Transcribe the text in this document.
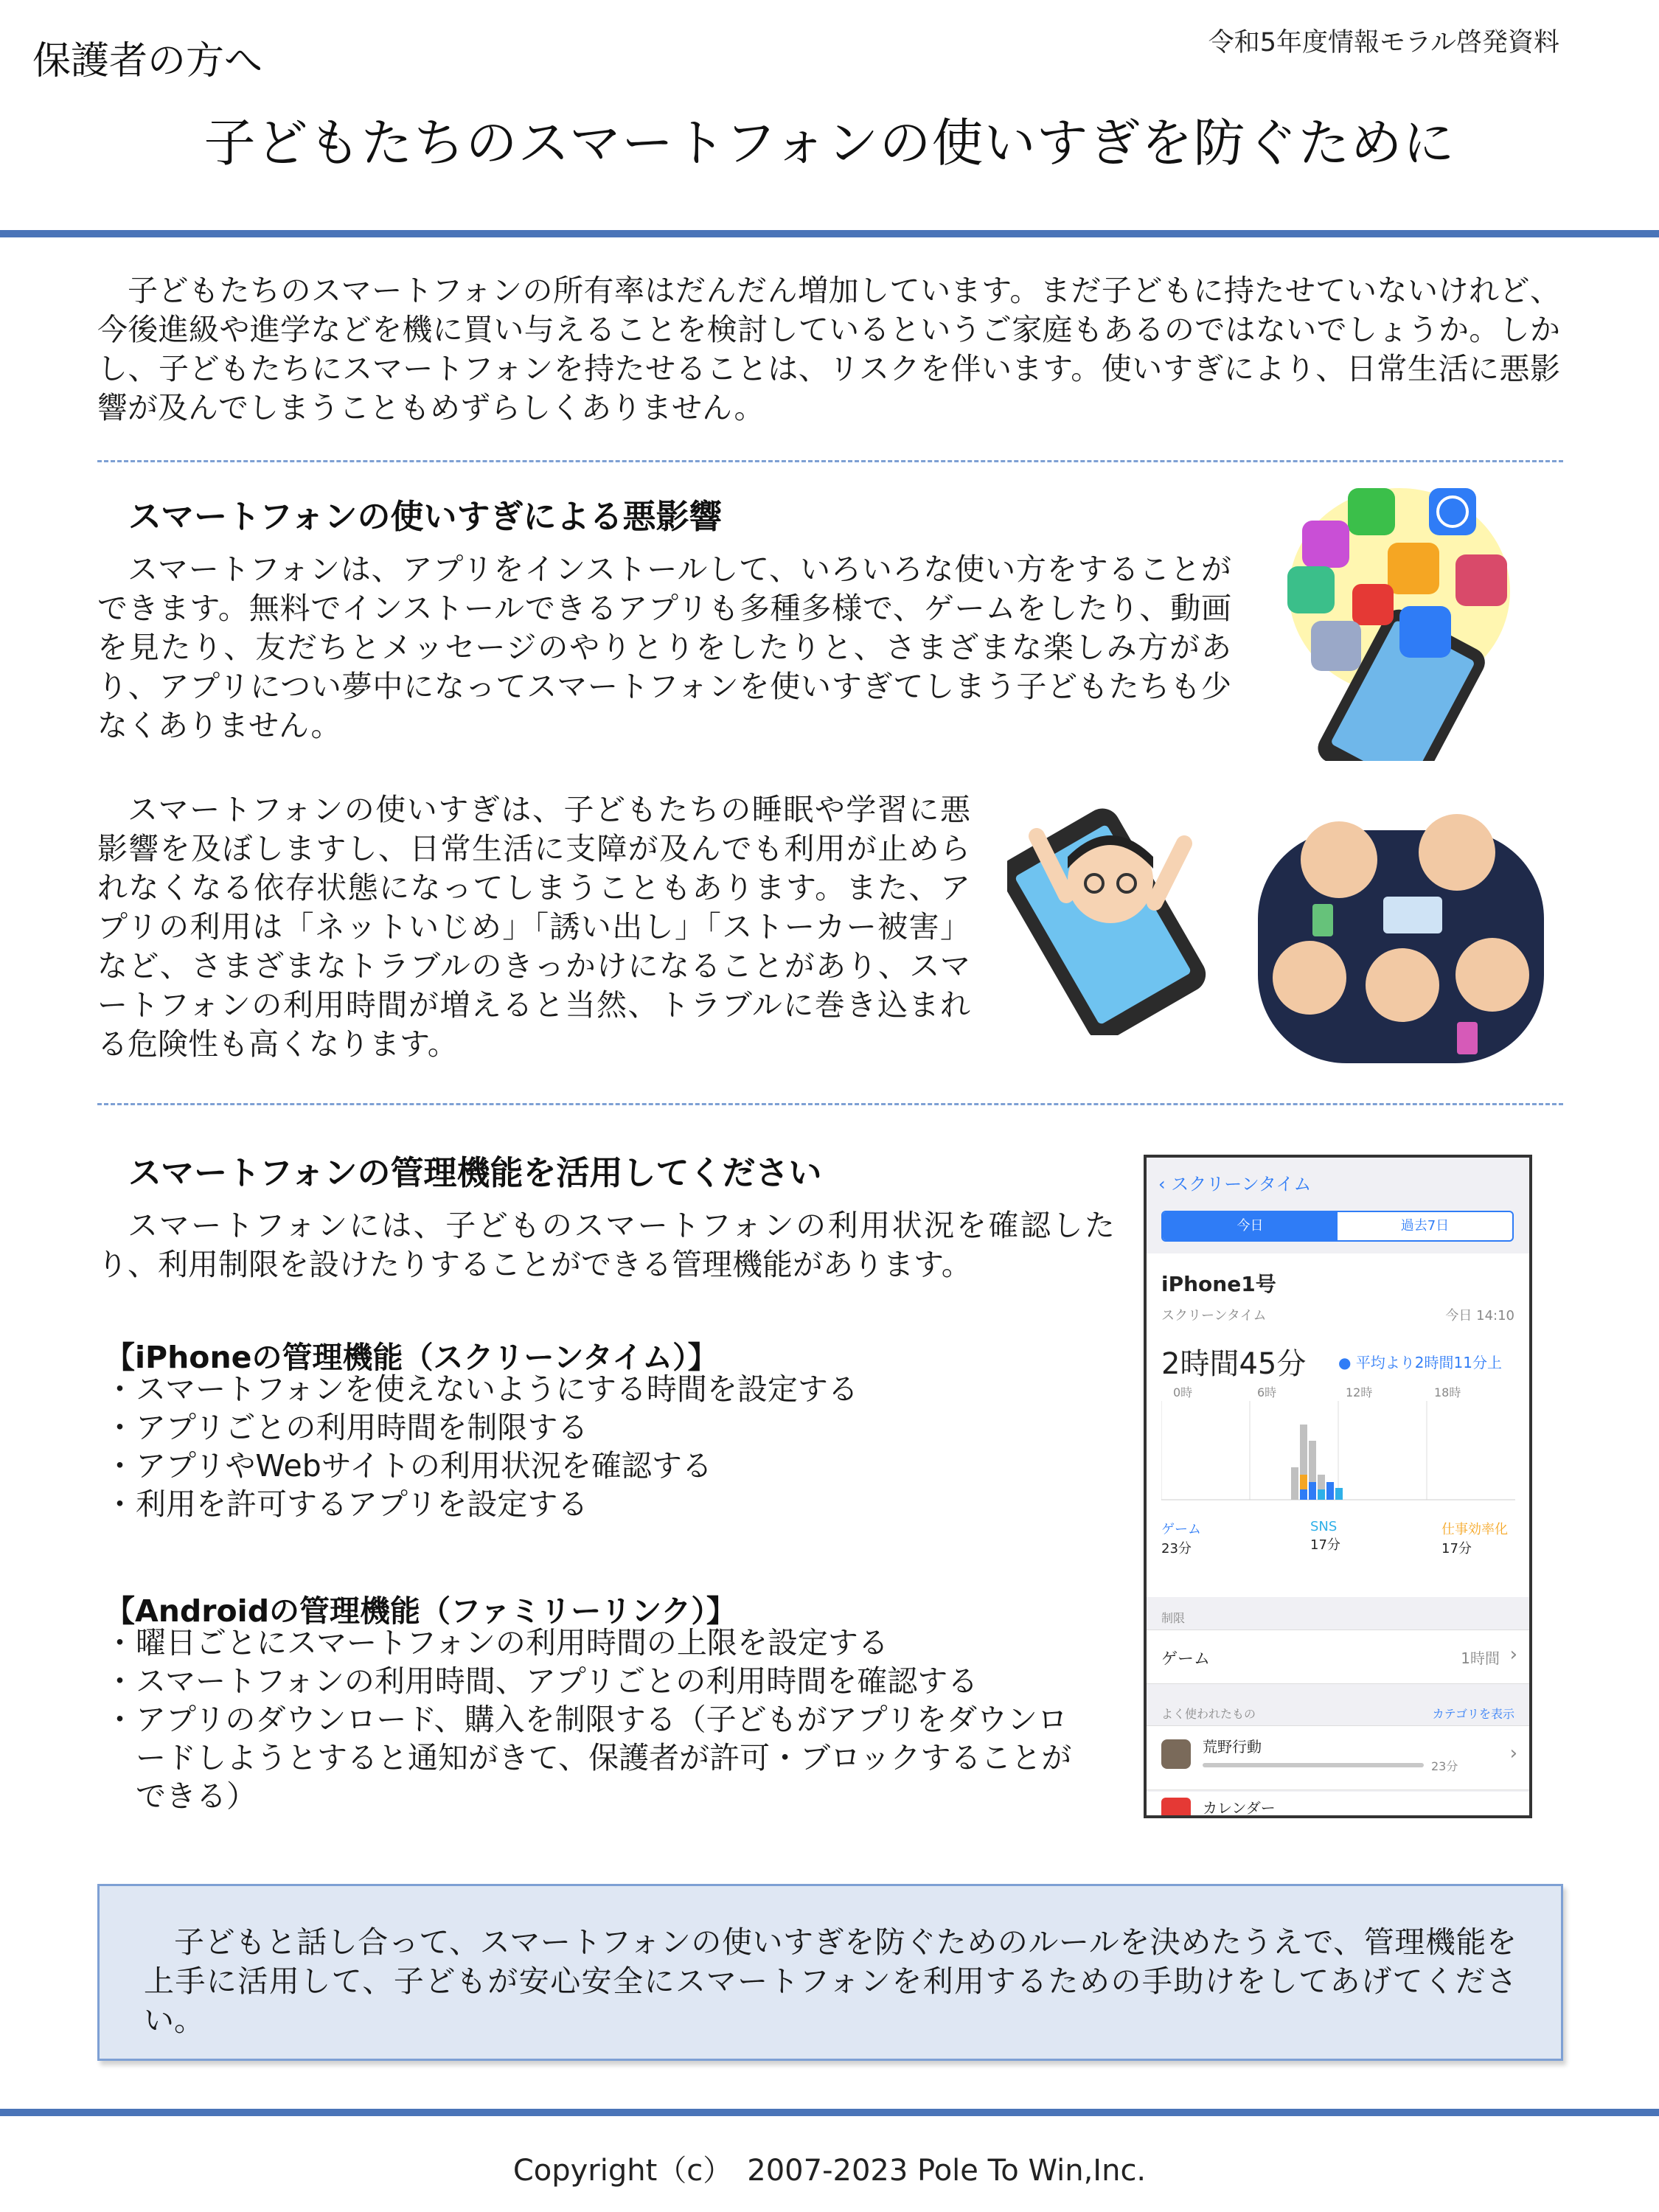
保護者の方へ	令和5年度情報モラル啓発資料
子どもたちのスマートフォンの使いすぎを防ぐために

子どもたちのスマートフォンの所有率はだんだん増加しています。まだ子どもに持たせていないけれど、今後進級や進学などを機に買い与えることを検討しているというご家庭もあるのではないでしょうか。しかし、子どもたちにスマートフォンを持たせることは、リスクを伴います。使いすぎにより、日常生活に悪影響が及んでしまうこともめずらしくありません。

スマートフォンの使いすぎによる悪影響

スマートフォンは、アプリをインストールして、いろいろな使い方をすることができます。無料でインストールできるアプリも多種多様で、ゲームをしたり、動画を見たり、友だちとメッセージのやりとりをしたりと、さまざまな楽しみ方があり、アプリについ夢中になってスマートフォンを使いすぎてしまう子どもたちも少なくありません。

スマートフォンの使いすぎは、子どもたちの睡眠や学習に悪影響を及ぼしますし、日常生活に支障が及んでも利用が止められなくなる依存状態になってしまうこともあります。また、アプリの利用は「ネットいじめ」「誘い出し」「ストーカー被害」など、さまざまなトラブルのきっかけになることがあり、スマートフォンの利用時間が増えると当然、トラブルに巻き込まれる危険性も高くなります。

スマートフォンの管理機能を活用してください

スマートフォンには、子どものスマートフォンの利用状況を確認したり、利用制限を設けたりすることができる管理機能があります。

【iPhoneの管理機能（スクリーンタイム）】
・ スマートフォンを使えないようにする時間を設定する
・ アプリごとの利用時間を制限する
・ アプリやWebサイトの利用状況を確認する
・ 利用を許可するアプリを設定する
【Androidの管理機能（ファミリーリンク）】
・ 曜日ごとにスマートフォンの利用時間の上限を設定する
・ スマートフォンの利用時間、アプリごとの利用時間を確認する
・ アプリのダウンロード、購入を制限する（子どもがアプリをダウンロードしようとすると通知がきて、保護者が許可・ブロックすることができる）
‹ スクリーンタイム
今日	過去7日
iPhone1号
スクリーンタイム	今日 14:10
2時間45分 ● 平均より2時間11分上
0時	6時	12時	18時
ゲーム
23分
SNS
17分
仕事効率化
17分
制限
ゲーム	1時間 ›
よく使われたもの	カテゴリを表示
荒野行動
23分
›
カレンダー

子どもと話し合って、スマートフォンの使いすぎを防ぐためのルールを決めたうえで、管理機能を上手に活用して、子どもが安心安全にスマートフォンを利用するための手助けをしてあげてください。

Copyright（c）　2007-2023 Pole To Win,Inc.
